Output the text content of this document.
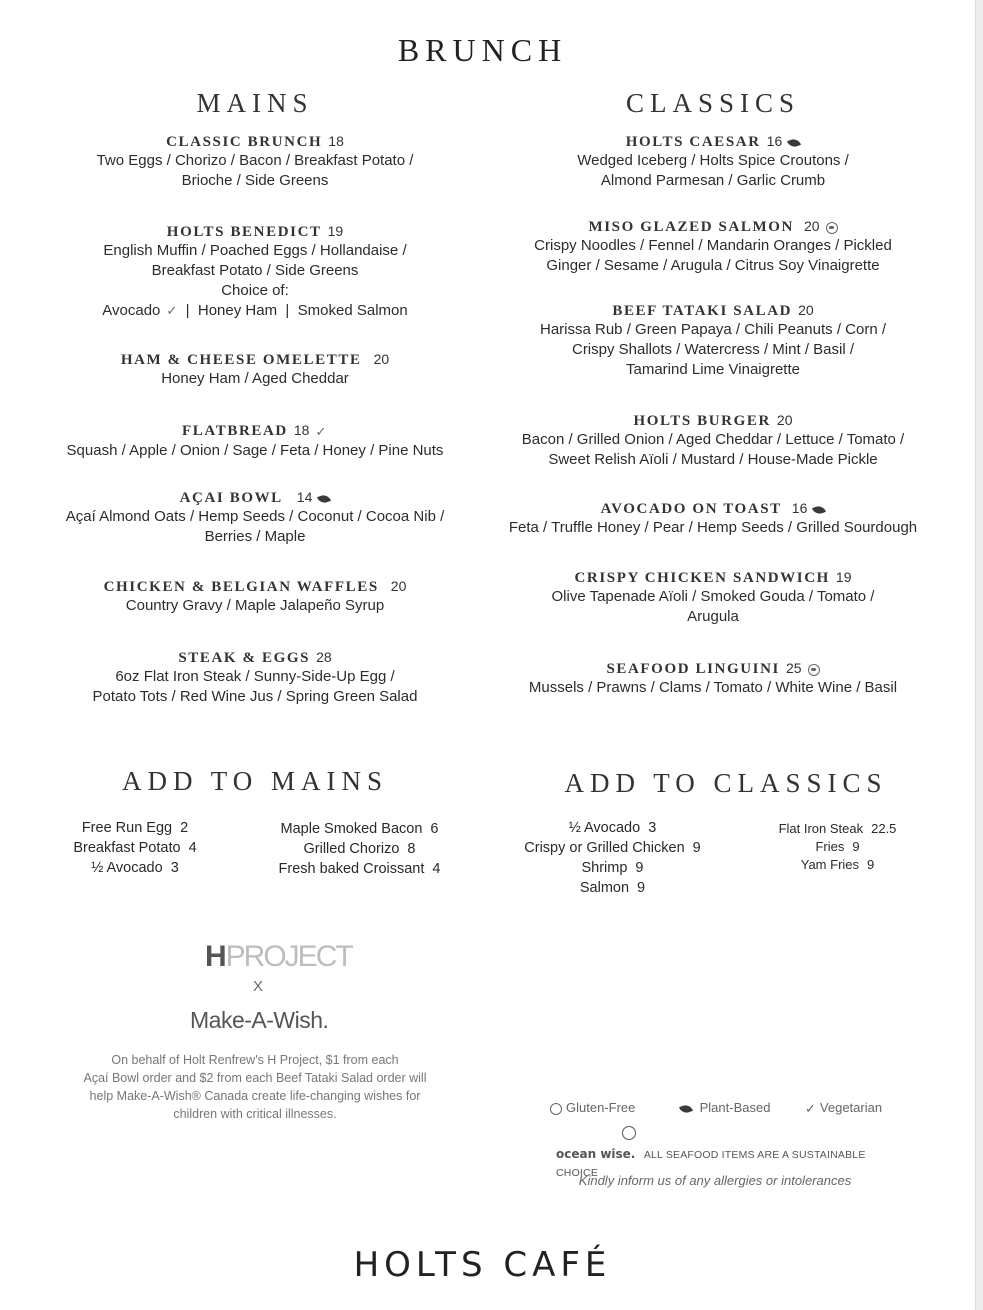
BRUNCH
MAINS
CLASSIC BRUNCH 18
Two Eggs / Chorizo / Bacon / Breakfast Potato /
Brioche / Side Greens
HOLTS BENEDICT 19
English Muffin / Poached Eggs / Hollandaise /
Breakfast Potato / Side Greens
Choice of:
Avocado ✓  |  Honey Ham  |  Smoked Salmon
HAM & CHEESE OMELETTE 20
Honey Ham / Aged Cheddar
FLATBREAD 18 ✓
Squash / Apple / Onion / Sage / Feta / Honey / Pine Nuts
AÇAI BOWL 14
Açaí Almond Oats / Hemp Seeds / Coconut / Cocoa Nib /
Berries / Maple
CHICKEN & BELGIAN WAFFLES 20
Country Gravy / Maple Jalapeño Syrup
STEAK & EGGS 28
6oz Flat Iron Steak / Sunny-Side-Up Egg /
Potato Tots / Red Wine Jus / Spring Green Salad
CLASSICS
HOLTS CAESAR 16
Wedged Iceberg / Holts Spice Croutons /
Almond Parmesan / Garlic Crumb
MISO GLAZED SALMON 20
Crispy Noodles / Fennel / Mandarin Oranges / Pickled
Ginger / Sesame / Arugula / Citrus Soy Vinaigrette
BEEF TATAKI SALAD 20
Harissa Rub / Green Papaya / Chili Peanuts / Corn /
Crispy Shallots / Watercress / Mint / Basil /
Tamarind Lime Vinaigrette
HOLTS BURGER 20
Bacon / Grilled Onion / Aged Cheddar / Lettuce / Tomato /
Sweet Relish Aïoli / Mustard / House-Made Pickle
AVOCADO ON TOAST 16
Feta / Truffle Honey / Pear / Hemp Seeds / Grilled Sourdough
CRISPY CHICKEN SANDWICH 19
Olive Tapenade Aïoli / Smoked Gouda / Tomato /
Arugula
SEAFOOD LINGUINI 25
Mussels / Prawns / Clams / Tomato / White Wine / Basil
ADD TO MAINS
Free Run Egg 2
Breakfast Potato 4
½ Avocado 3
Maple Smoked Bacon 6
Grilled Chorizo 8
Fresh baked Croissant 4
ADD TO CLASSICS
½ Avocado 3
Crispy or Grilled Chicken 9
Shrimp 9
Salmon 9
Flat Iron Steak 22.5
Fries 9
Yam Fries 9
HPROJECT
X
Make-A-Wish.
On behalf of Holt Renfrew's H Project, $1 from each
Açaí Bowl order and $2 from each Beef Tataki Salad order will
help Make-A-Wish® Canada create life-changing wishes for
children with critical illnesses.	Gluten-Free	Plant-Based	✓ Vegetarian
ocean wise. ALL SEAFOOD ITEMS ARE A SUSTAINABLE CHOICE
Kindly inform us of any allergies or intolerances
HOLTS CAFÉ
